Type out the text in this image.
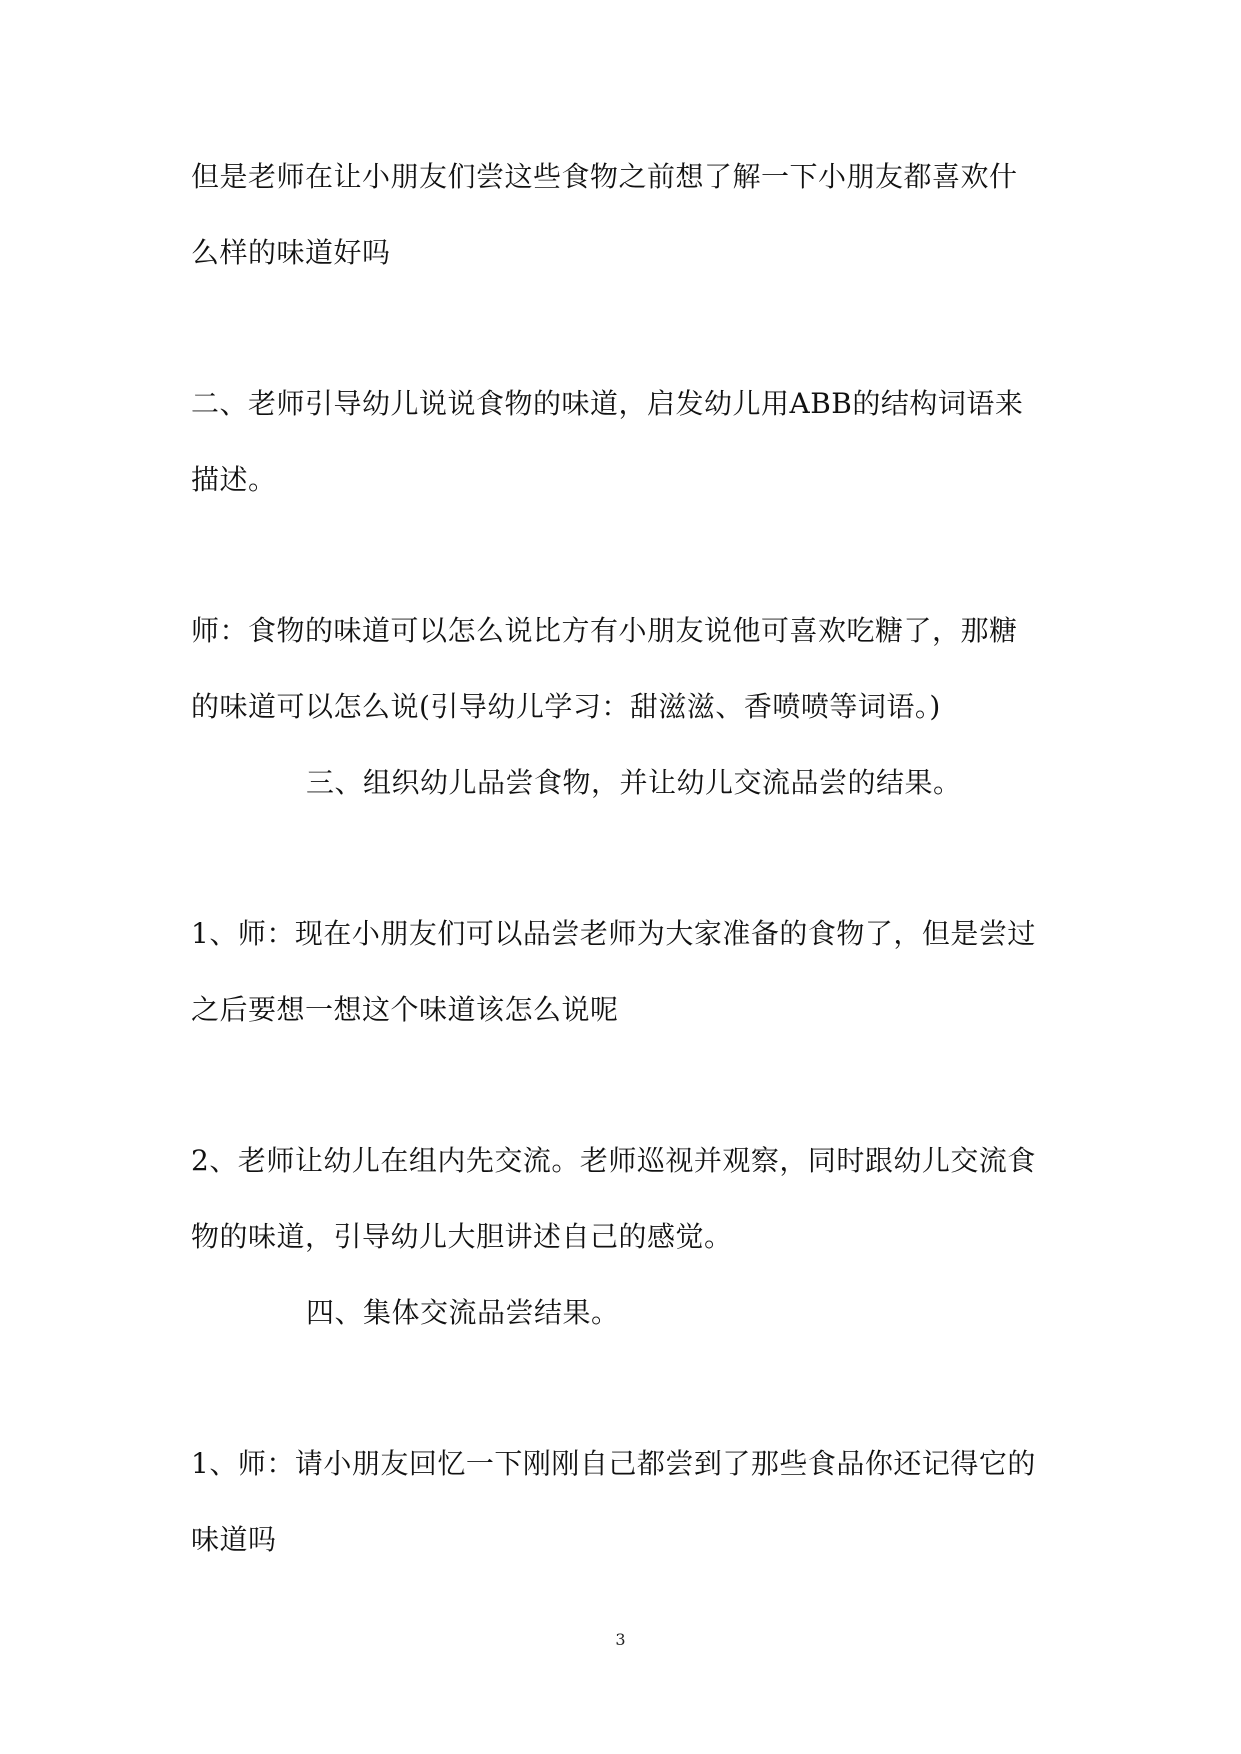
但是老师在让小朋友们尝这些食物之前想了解一下小朋友都喜欢什
么样的味道好吗
二、老师引导幼儿说说食物的味道，启发幼儿用ABB的结构词语来
描述。
师：食物的味道可以怎么说比方有小朋友说他可喜欢吃糖了，那糖
的味道可以怎么说(引导幼儿学习：甜滋滋、香喷喷等词语。)
三、组织幼儿品尝食物，并让幼儿交流品尝的结果。
1、师：现在小朋友们可以品尝老师为大家准备的食物了，但是尝过
之后要想一想这个味道该怎么说呢
2、老师让幼儿在组内先交流。老师巡视并观察，同时跟幼儿交流食
物的味道，引导幼儿大胆讲述自己的感觉。
四、集体交流品尝结果。
1、师：请小朋友回忆一下刚刚自己都尝到了那些食品你还记得它的
味道吗
3
